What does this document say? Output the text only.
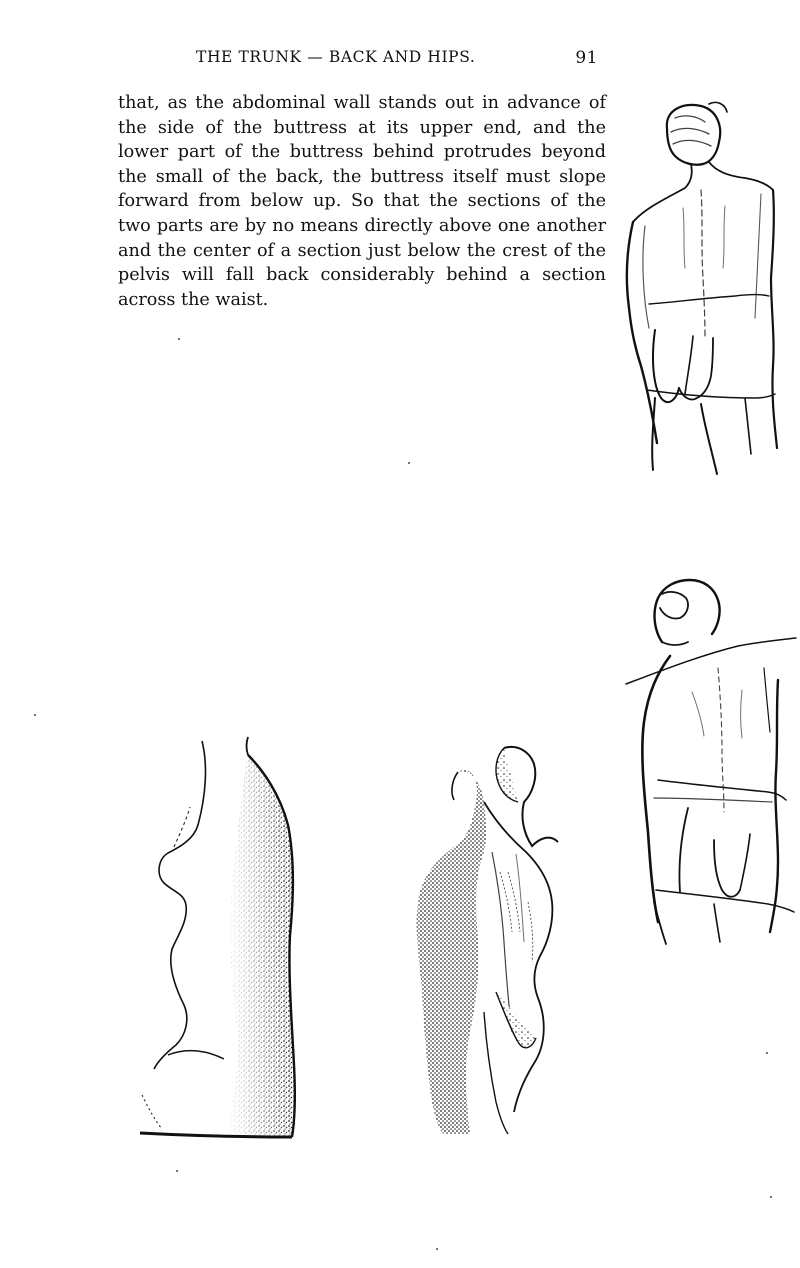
THE TRUNK — BACK AND HIPS.	91

that, as the abdominal wall stands out in advance of the side of the buttress at its upper end, and the lower part of the buttress behind protrudes beyond the small of the back, the buttress itself must slope forward from below up. So that the sections of the two parts are by no means directly above one another and the center of a section just below the crest of the pelvis will fall back considerably behind a section across the waist.
